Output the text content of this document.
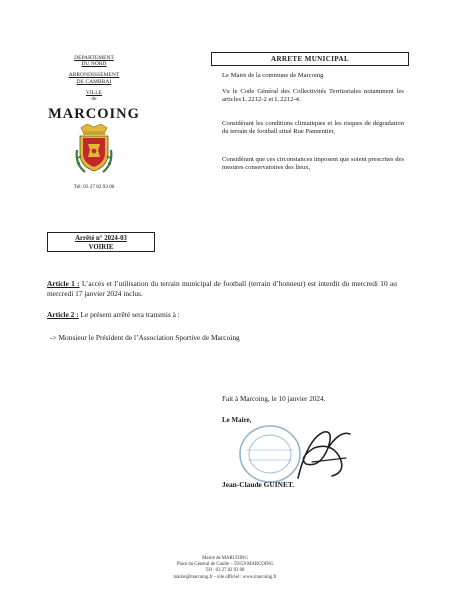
DEPARTEMENT
DU NORD
ARRONDISSEMENT
DE CAMBRAI
VILLE
de
MARCOING
Tél: 03 27 82 93 00
ARRETE MUNICIPAL
Le Maire de la commune de Marcoing
Vu le Code Général des Collectivités Territoriales notamment les articles L 2212-2 et L 2212-4.
Considérant les conditions climatiques et les risques de dégradation du terrain de football situé Rue Pannentier,
Considérant que ces circonstances imposent que soient prescrites des mesures conservatoires des lieux,
Arrêté n° 2024-03
VOIRIE
Article 1 : L’accès et l’utilisation du terrain municipal de football (terrain d’honneur) est interdit du mercredi 10 au mercredi 17 janvier 2024 inclus.
Article 2 : Le présent arrêté sera transmis à :
-> Monsieur le Président de l’Association Sportive de Marcoing
Fait à Marcoing, le 10 janvier 2024.
Le Maire,
Jean-Claude GUINET.
Mairie de MARCOING
Place du Général de Gaulle – 59159 MARCOING
Tél : 03 27 82 93 00
mairie@marcoing.fr – site officiel : www.marcoing.fr
